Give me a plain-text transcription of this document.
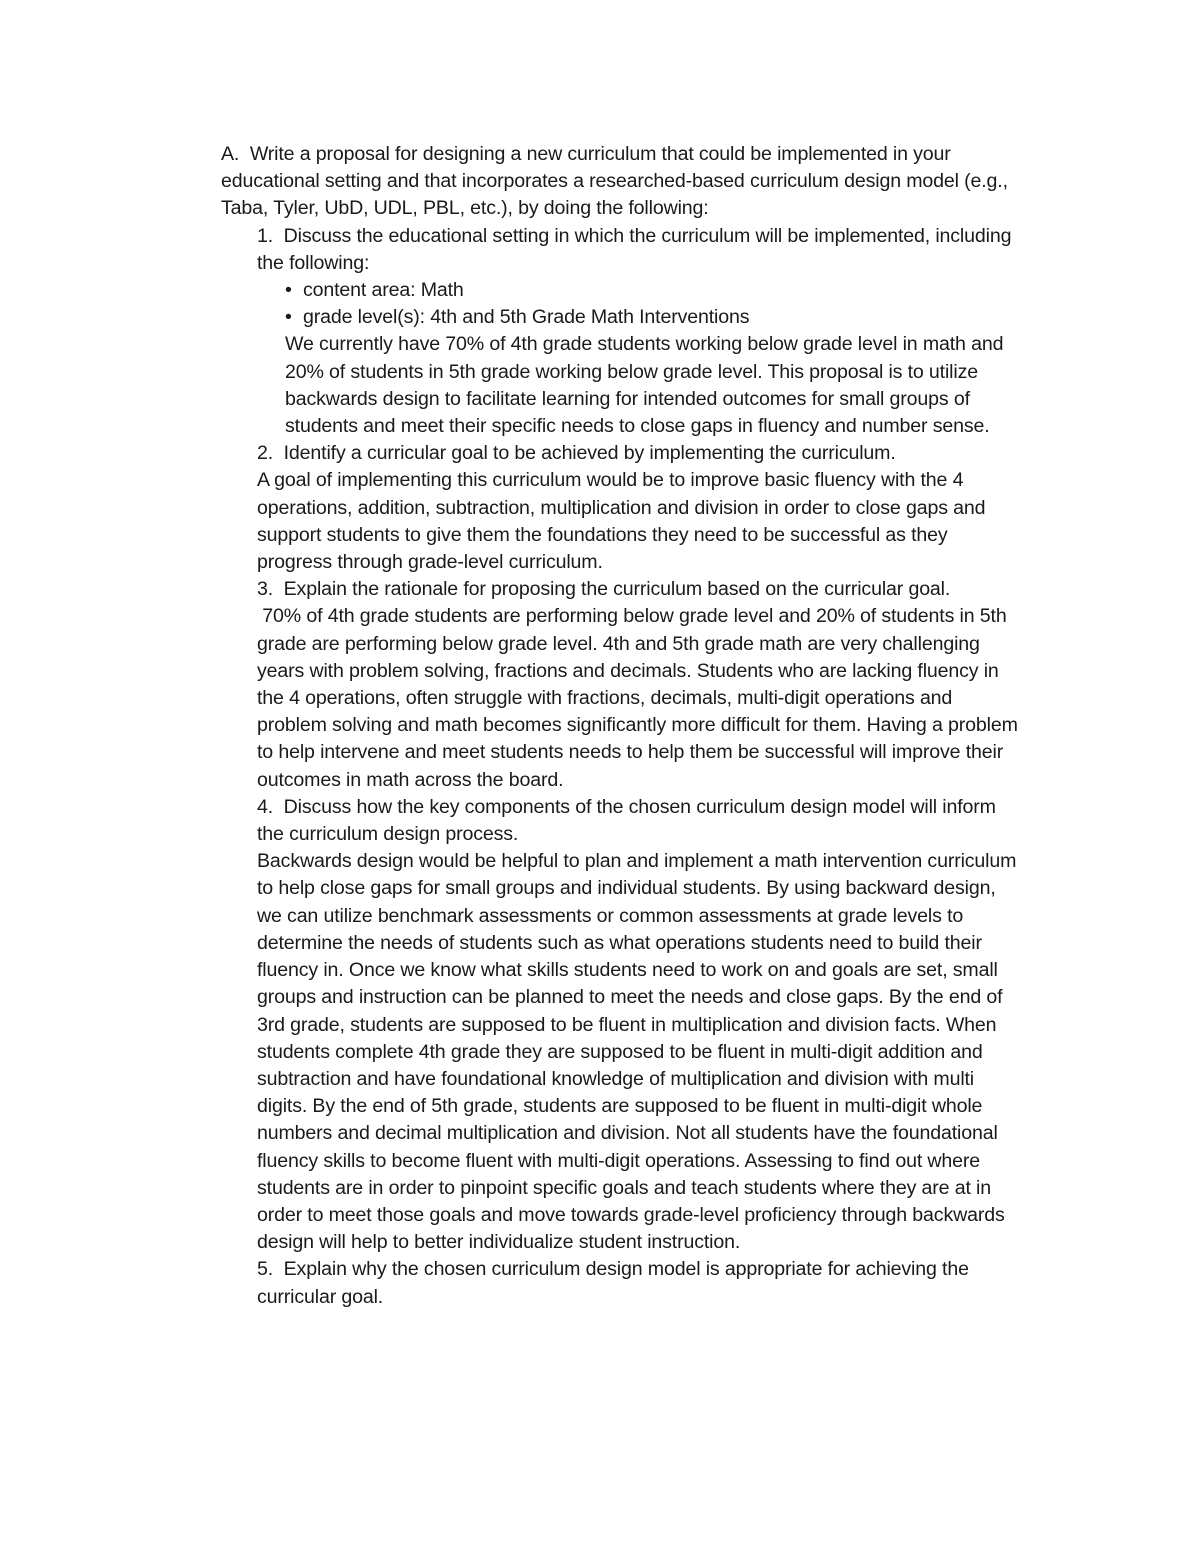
A. Write a proposal for designing a new curriculum that could be implemented in your educational setting and that incorporates a researched-based curriculum design model (e.g., Taba, Tyler, UbD, UDL, PBL, etc.), by doing the following:

1. Discuss the educational setting in which the curriculum will be implemented, including the following:

• content area: Math

• grade level(s): 4th and 5th Grade Math Interventions

We currently have 70% of 4th grade students working below grade level in math and 20% of students in 5th grade working below grade level. This proposal is to utilize backwards design to facilitate learning for intended outcomes for small groups of students and meet their specific needs to close gaps in fluency and number sense.

2. Identify a curricular goal to be achieved by implementing the curriculum.

A goal of implementing this curriculum would be to improve basic fluency with the 4 operations, addition, subtraction, multiplication and division in order to close gaps and support students to give them the foundations they need to be successful as they progress through grade-level curriculum.

3. Explain the rationale for proposing the curriculum based on the curricular goal.

70% of 4th grade students are performing below grade level and 20% of students in 5th grade are performing below grade level. 4th and 5th grade math are very challenging years with problem solving, fractions and decimals. Students who are lacking fluency in the 4 operations, often struggle with fractions, decimals, multi-digit operations and problem solving and math becomes significantly more difficult for them. Having a problem to help intervene and meet students needs to help them be successful will improve their outcomes in math across the board.

4. Discuss how the key components of the chosen curriculum design model will inform the curriculum design process.

Backwards design would be helpful to plan and implement a math intervention curriculum to help close gaps for small groups and individual students. By using backward design, we can utilize benchmark assessments or common assessments at grade levels to determine the needs of students such as what operations students need to build their fluency in. Once we know what skills students need to work on and goals are set, small groups and instruction can be planned to meet the needs and close gaps. By the end of 3rd grade, students are supposed to be fluent in multiplication and division facts. When students complete 4th grade they are supposed to be fluent in multi-digit addition and subtraction and have foundational knowledge of multiplication and division with multi digits. By the end of 5th grade, students are supposed to be fluent in multi-digit whole numbers and decimal multiplication and division. Not all students have the foundational fluency skills to become fluent with multi-digit operations. Assessing to find out where students are in order to pinpoint specific goals and teach students where they are at in order to meet those goals and move towards grade-level proficiency through backwards design will help to better individualize student instruction.

5. Explain why the chosen curriculum design model is appropriate for achieving the curricular goal.
